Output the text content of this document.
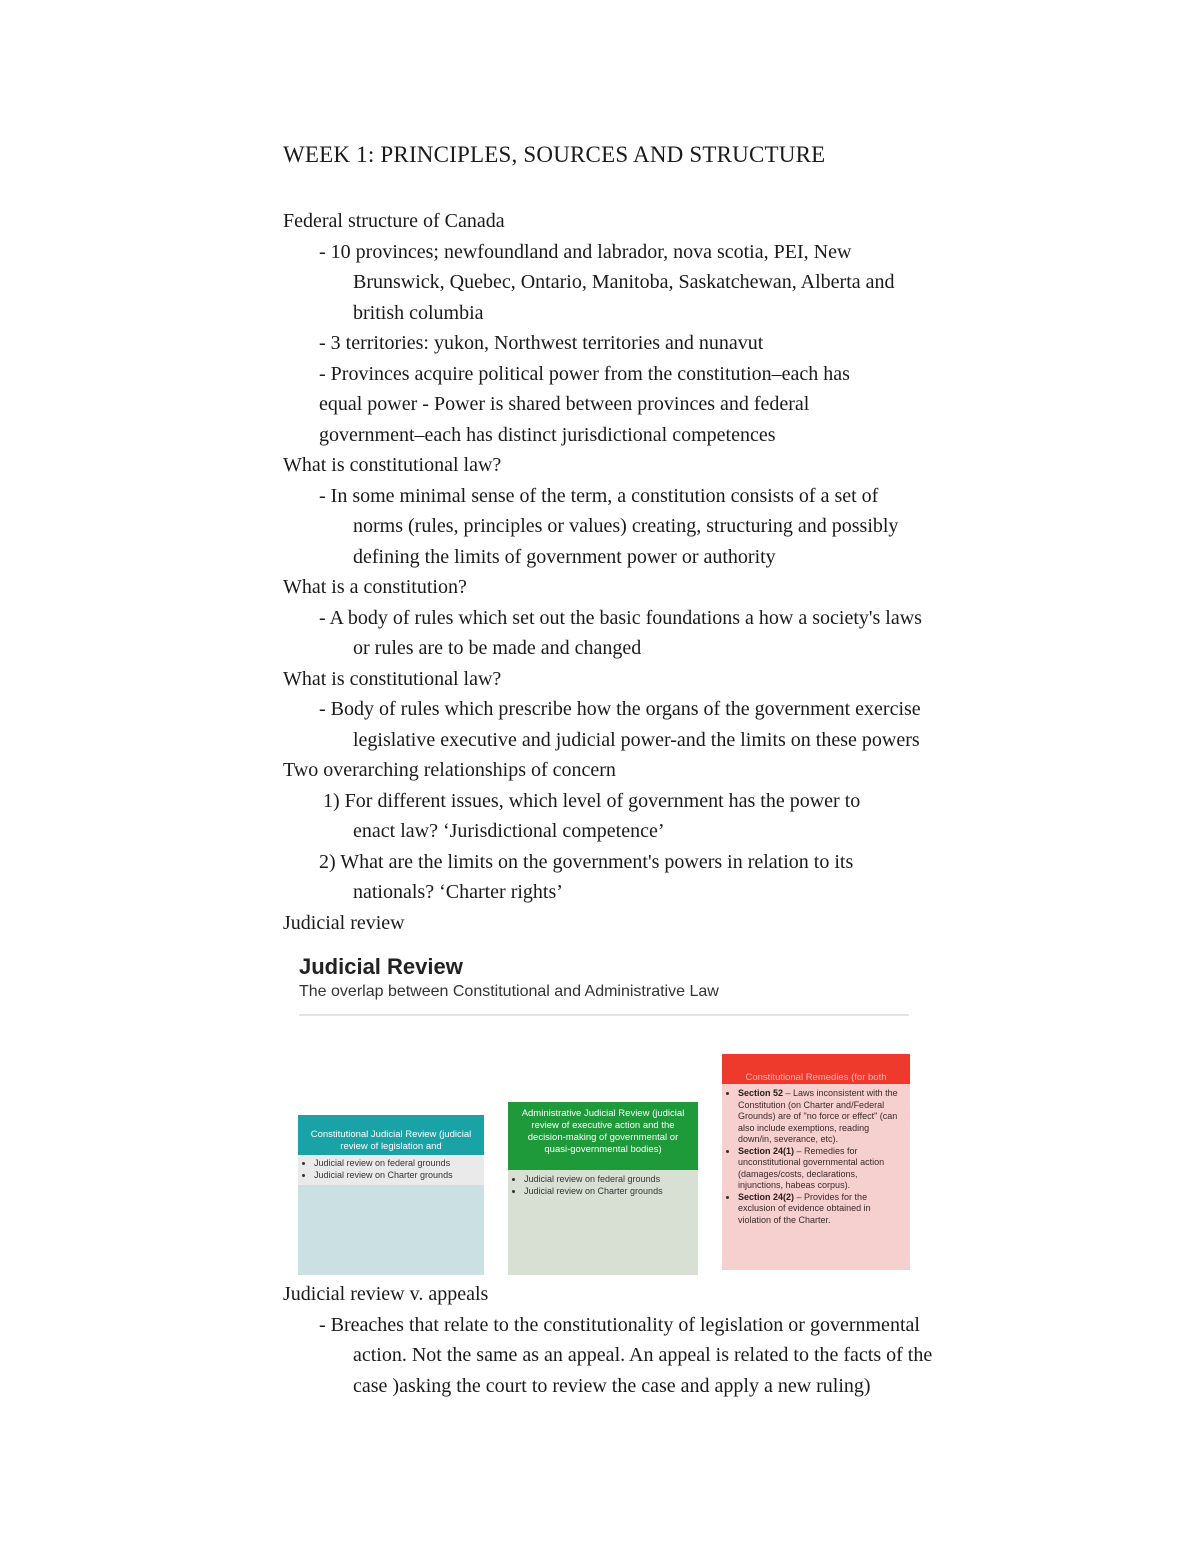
WEEK 1: PRINCIPLES, SOURCES AND STRUCTURE
Federal structure of Canada
- 10 provinces; newfoundland and labrador, nova scotia, PEI, New
Brunswick, Quebec, Ontario, Manitoba, Saskatchewan, Alberta and
british columbia
- 3 territories: yukon, Northwest territories and nunavut
- Provinces acquire political power from the constitution–each has
equal power - Power is shared between provinces and federal
government–each has distinct jurisdictional competences
What is constitutional law?
- In some minimal sense of the term, a constitution consists of a set of
norms (rules, principles or values) creating, structuring and possibly
defining the limits of government power or authority
What is a constitution?
- A body of rules which set out the basic foundations a how a society's laws
or rules are to be made and changed
What is constitutional law?
- Body of rules which prescribe how the organs of the government exercise
legislative executive and judicial power-and the limits on these powers
Two overarching relationships of concern
1) For different issues, which level of government has the power to
enact law? ‘Jurisdictional competence’
2) What are the limits on the government's powers in relation to its
nationals? ‘Charter rights’
Judicial review
Judicial Review
The overlap between Constitutional and Administrative Law
Constitutional Judicial Review (judicial review of legislation and
• Judicial review on federal grounds
• Judicial review on Charter grounds
Administrative Judicial Review (judicial review of executive action and the decision-making of governmental or quasi-governmental bodies)
• Judicial review on federal grounds
• Judicial review on Charter grounds
Constitutional Remedies (for both
• Section 52 – Laws inconsistent with the Constitution (on Charter and/Federal Grounds) are of "no force or effect" (can also include exemptions, reading down/in, severance, etc).
• Section 24(1) – Remedies for unconstitutional governmental action (damages/costs, declarations, injunctions, habeas corpus).
• Section 24(2) – Provides for the exclusion of evidence obtained in violation of the Charter.
Judicial review v. appeals
- Breaches that relate to the constitutionality of legislation or governmental
action. Not the same as an appeal. An appeal is related to the facts of the
case )asking the court to review the case and apply a new ruling)
